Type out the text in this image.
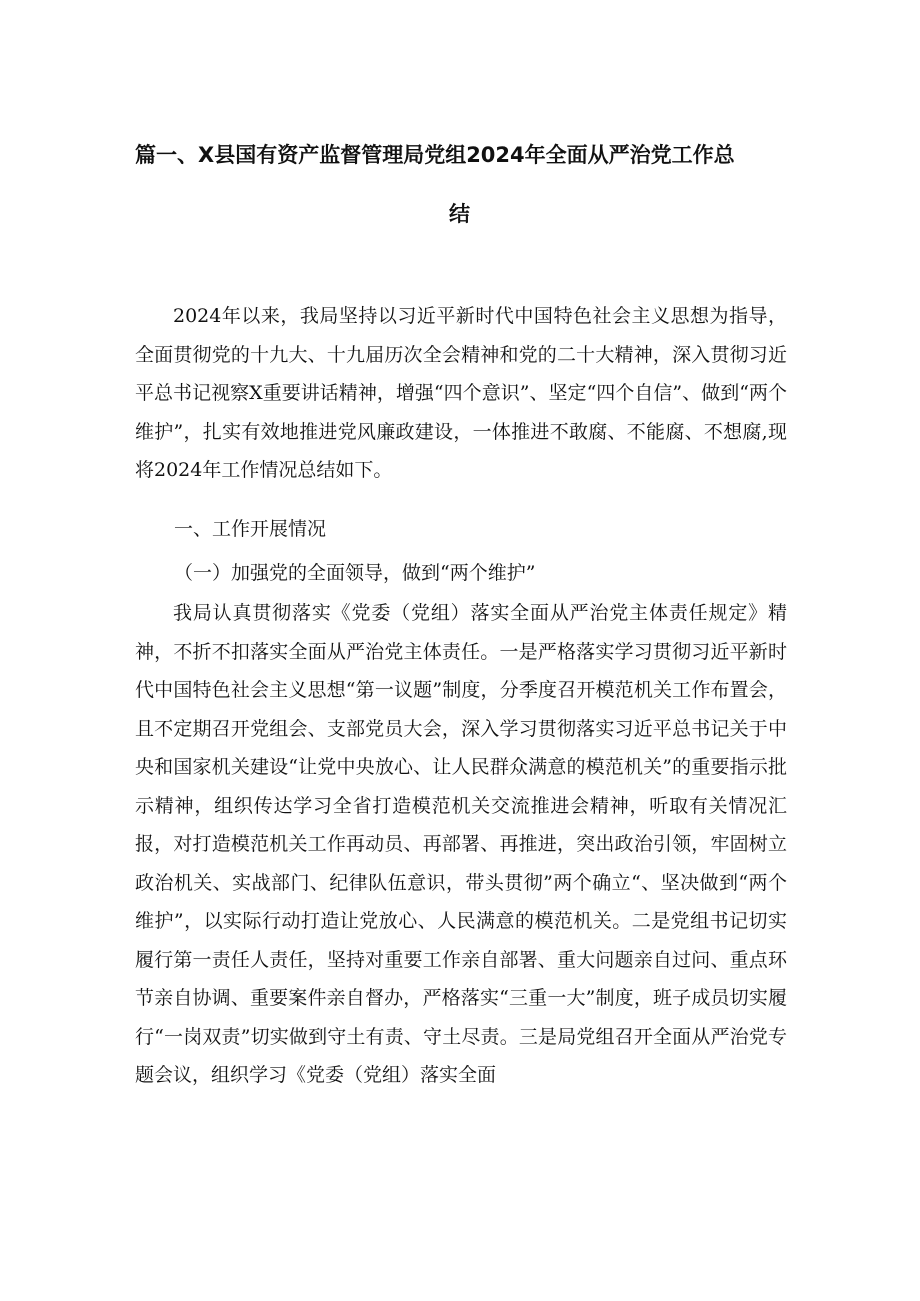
篇一、X县国有资产监督管理局党组2024年全面从严治党工作总
结

2024年以来，我局坚持以习近平新时代中国特色社会主义思想为指导，全面贯彻党的十九大、十九届历次全会精神和党的二十大精神，深入贯彻习近平总书记视察X重要讲话精神，增强“四个意识”、坚定“四个自信”、做到“两个维护”，扎实有效地推进党风廉政建设，一体推进不敢腐、不能腐、不想腐,现将2024年工作情况总结如下。

一、工作开展情况
（一）加强党的全面领导，做到“两个维护”

我局认真贯彻落实《党委（党组）落实全面从严治党主体责任规定》精神，不折不扣落实全面从严治党主体责任。一是严格落实学习贯彻习近平新时代中国特色社会主义思想“第一议题”制度，分季度召开模范机关工作布置会，且不定期召开党组会、支部党员大会，深入学习贯彻落实习近平总书记关于中央和国家机关建设“让党中央放心、让人民群众满意的模范机关”的重要指示批示精神，组织传达学习全省打造模范机关交流推进会精神，听取有关情况汇报，对打造模范机关工作再动员、再部署、再推进，突出政治引领，牢固树立政治机关、实战部门、纪律队伍意识，带头贯彻”两个确立“、坚决做到“两个维护”，以实际行动打造让党放心、人民满意的模范机关。二是党组书记切实履行第一责任人责任，坚持对重要工作亲自部署、重大问题亲自过问、重点环节亲自协调、重要案件亲自督办，严格落实“三重一大”制度，班子成员切实履行“一岗双责”切实做到守土有责、守土尽责。三是局党组召开全面从严治党专题会议，组织学习《党委（党组）落实全面
